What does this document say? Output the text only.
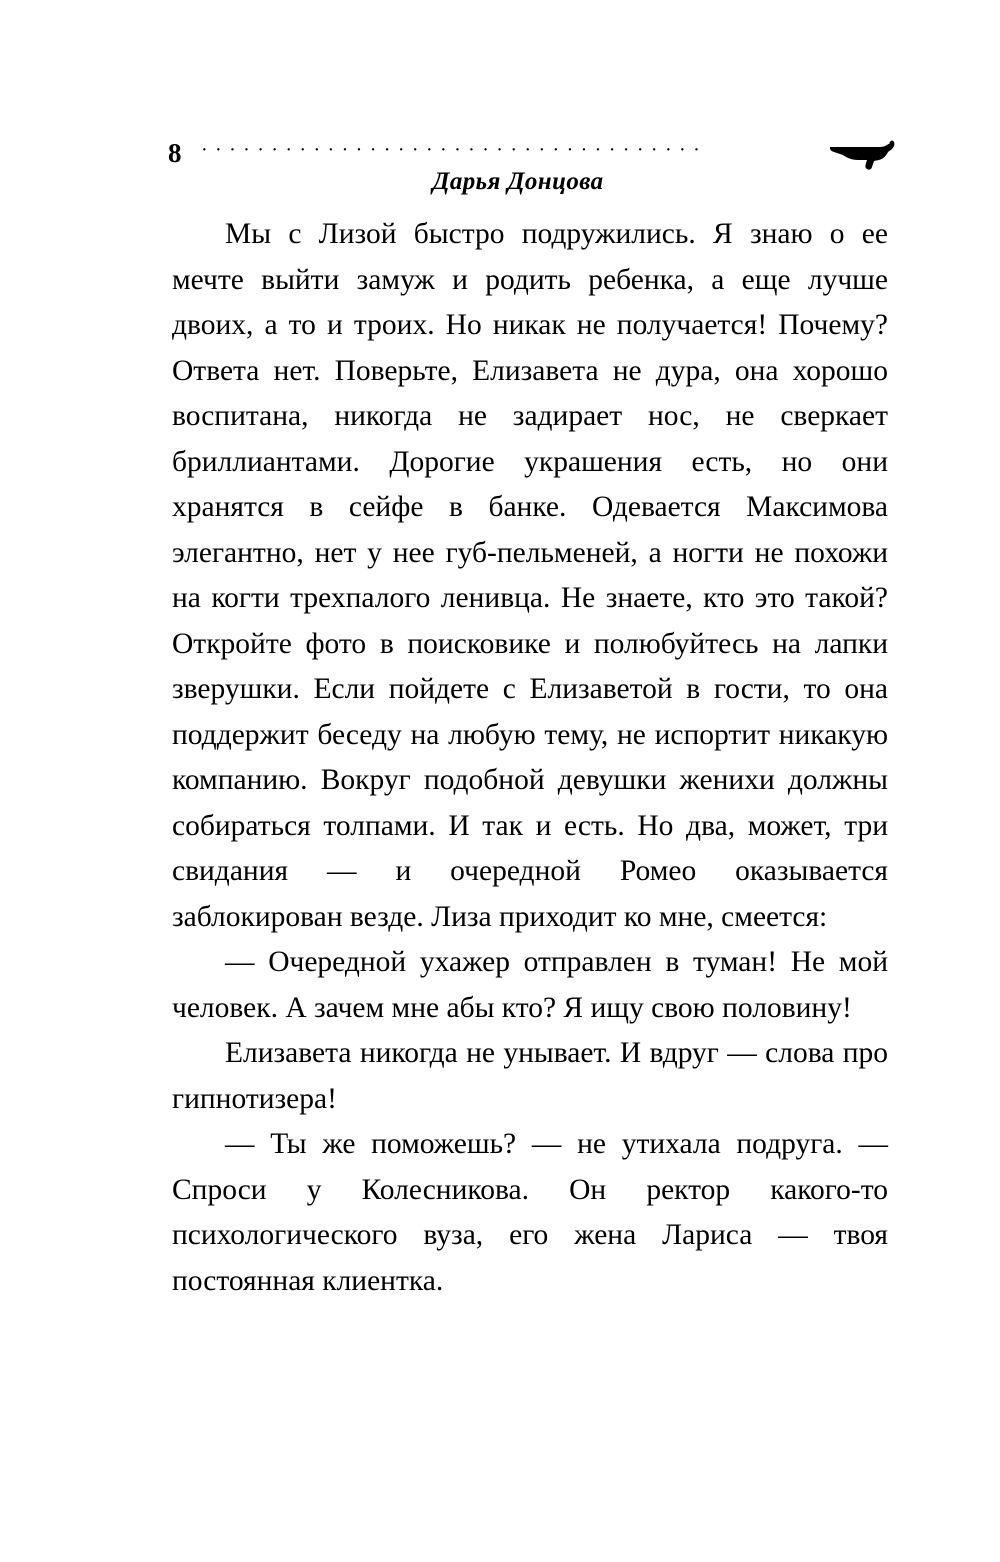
8 ····································
Дарья Донцова

Мы с Лизой быстро подружились. Я знаю о ее мечте выйти замуж и родить ребенка, а еще лучше двоих, а то и троих. Но никак не получается! Почему? Ответа нет. Поверьте, Елизавета не дура, она хорошо воспитана, никогда не задирает нос, не сверкает бриллиантами. Дорогие украшения есть, но они хранятся в сейфе в банке. Одевается Максимова элегантно, нет у нее губ-пельменей, а ногти не похожи на когти трехпалого ленивца. Не знаете, кто это такой? Откройте фото в поисковике и полюбуйтесь на лапки зверушки. Если пойдете с Елизаветой в гости, то она поддержит беседу на любую тему, не испортит никакую компанию. Вокруг подобной девушки женихи должны собираться толпами. И так и есть. Но два, может, три свидания — и очередной Ромео оказывается заблокирован везде. Лиза приходит ко мне, смеется:

— Очередной ухажер отправлен в туман! Не мой человек. А зачем мне абы кто? Я ищу свою половину!

Елизавета никогда не унывает. И вдруг — слова про гипнотизера!

— Ты же поможешь? — не утихала подруга. — Спроси у Колесникова. Он ректор какого-то психологического вуза, его жена Лариса — твоя постоянная клиентка.
